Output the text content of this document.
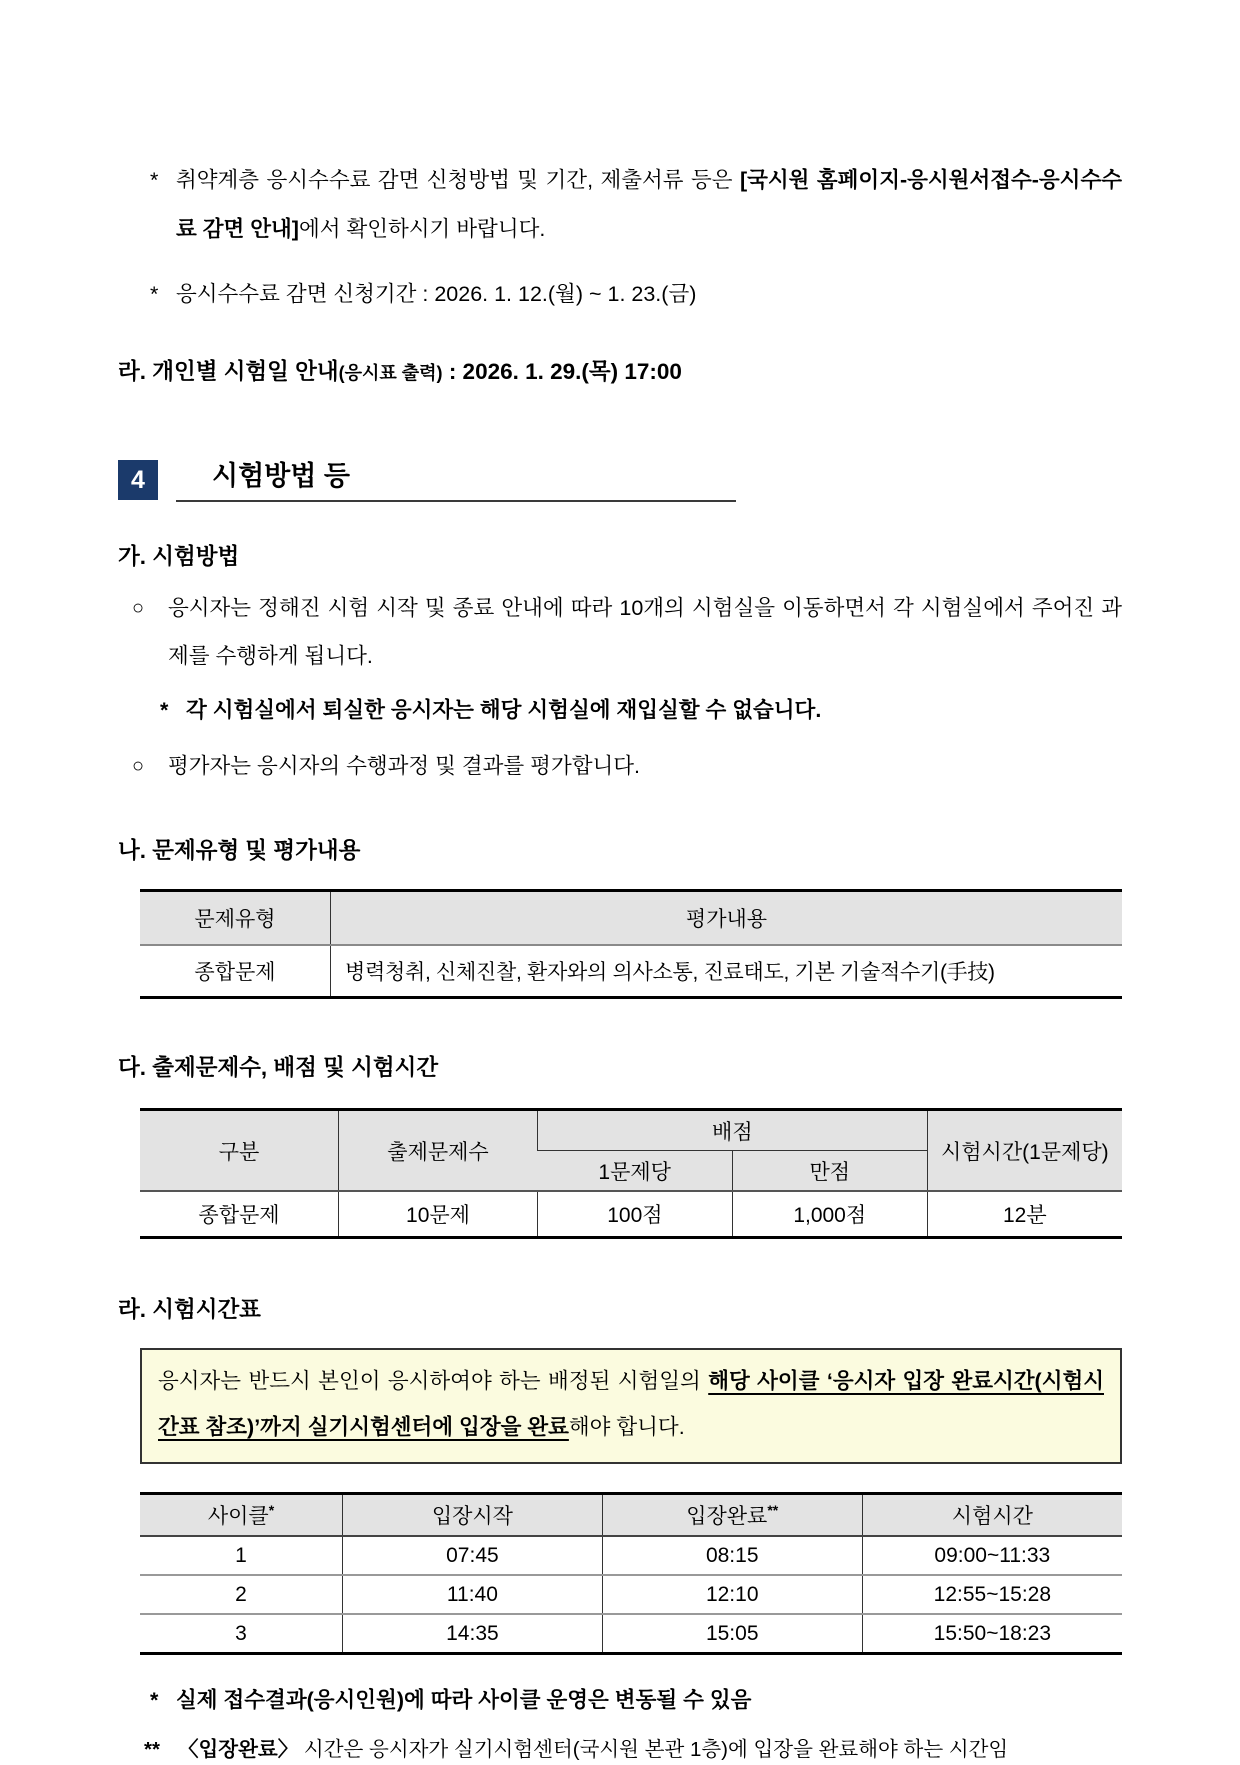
* 취약계층 응시수수료 감면 신청방법 및 기간, 제출서류 등은 [국시원 홈페이지-응시원서접수-응시수수료 감면 안내]에서 확인하시기 바랍니다.
* 응시수수료 감면 신청기간 : 2026. 1. 12.(월) ~ 1. 23.(금)
라. 개인별 시험일 안내(응시표 출력) : 2026. 1. 29.(목) 17:00
4	시험방법 등
가. 시험방법
○	응시자는 정해진 시험 시작 및 종료 안내에 따라 10개의 시험실을 이동하면서 각 시험실에서 주어진 과제를 수행하게 됩니다.
* 각 시험실에서 퇴실한 응시자는 해당 시험실에 재입실할 수 없습니다.
○	평가자는 응시자의 수행과정 및 결과를 평가합니다.
나. 문제유형 및 평가내용
문제유형	평가내용
종합문제	병력청취, 신체진찰, 환자와의 의사소통, 진료태도, 기본 기술적수기(手技)
다. 출제문제수, 배점 및 시험시간
구분	출제문제수	배점		시험시간(1문제당)
		1문제당	만점	
종합문제	10문제	100점	1,000점	12분
라. 시험시간표
응시자는 반드시 본인이 응시하여야 하는 배정된 시험일의 해당 사이클 ‘응시자 입장 완료시간(시험시간표 참조)’까지 실기시험센터에 입장을 완료해야 합니다.
사이클*	입장시작	입장완료**	시험시간
1	07:45	08:15	09:00~11:33
2	11:40	12:10	12:55~15:28
3	14:35	15:05	15:50~18:23
* 실제 접수결과(응시인원)에 따라 사이클 운영은 변동될 수 있음
** 〈입장완료〉 시간은 응시자가 실기시험센터(국시원 본관 1층)에 입장을 완료해야 하는 시간임
